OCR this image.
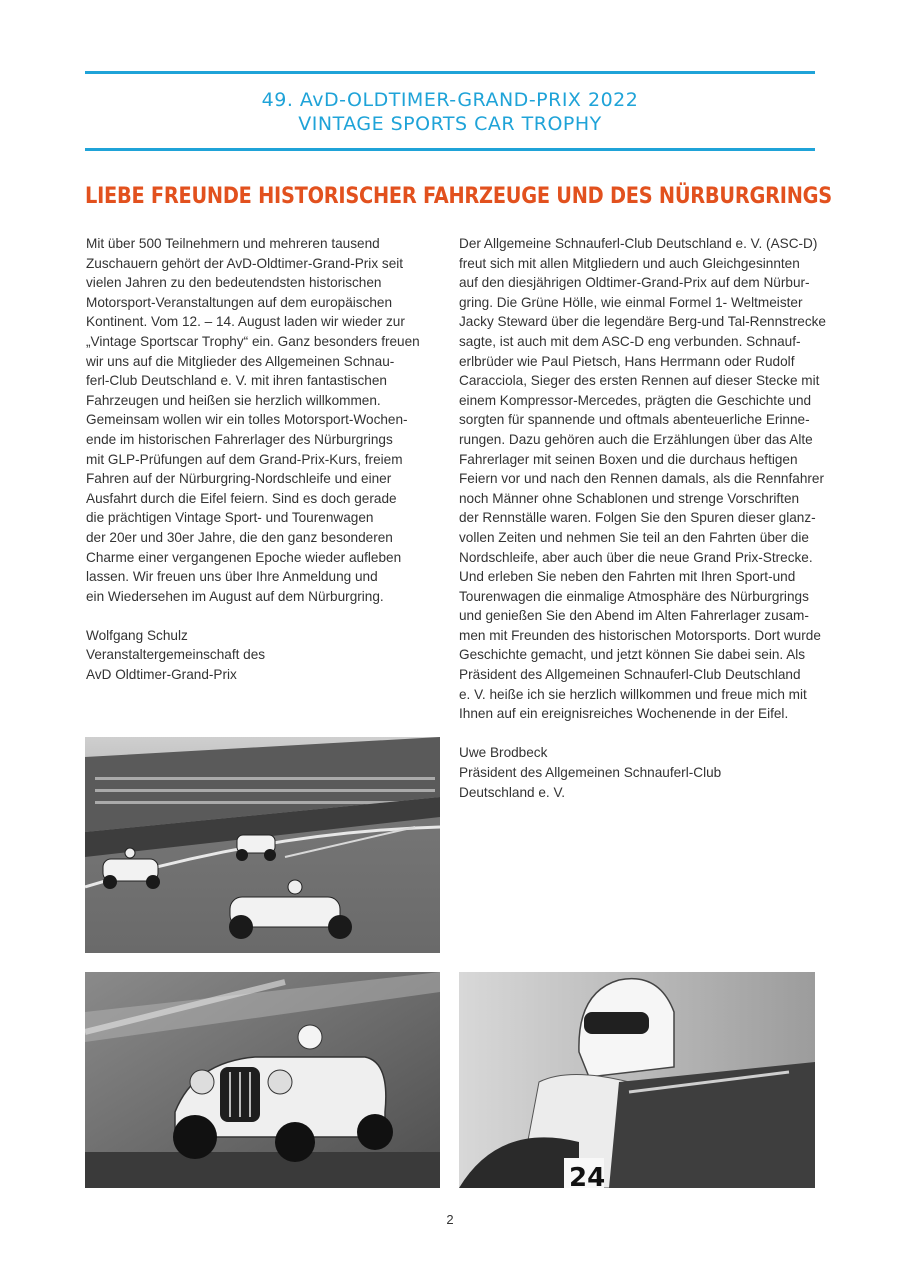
49. AvD-OLDTIMER-GRAND-PRIX 2022
VINTAGE SPORTS CAR TROPHY
LIEBE FREUNDE HISTORISCHER FAHRZEUGE UND DES NÜRBURGRINGS

Mit über 500 Teilnehmern und mehreren tausend
Zuschauern gehört der AvD-Oldtimer-Grand-Prix seit
vielen Jahren zu den bedeutendsten historischen
Motorsport-Veranstaltungen auf dem europäischen
Kontinent. Vom 12. – 14. August laden wir wieder zur
„Vintage Sportscar Trophy“ ein. Ganz besonders freuen
wir uns auf die Mitglieder des Allgemeinen Schnau-
ferl-Club Deutschland e. V. mit ihren fantastischen
Fahrzeugen und heißen sie herzlich willkommen.
Gemeinsam wollen wir ein tolles Motorsport-Wochen-
ende im historischen Fahrerlager des Nürburgrings
mit GLP-Prüfungen auf dem Grand-Prix-Kurs, freiem
Fahren auf der Nürburgring-Nordschleife und einer
Ausfahrt durch die Eifel feiern. Sind es doch gerade
die prächtigen Vintage Sport- und Tourenwagen
der 20er und 30er Jahre, die den ganz besonderen
Charme einer vergangenen Epoche wieder aufleben
lassen. Wir freuen uns über Ihre Anmeldung und
ein Wiedersehen im August auf dem Nürburgring.

Wolfgang Schulz
Veranstaltergemeinschaft des
AvD Oldtimer-Grand-Prix

Der Allgemeine Schnauferl-Club Deutschland e. V. (ASC-D)
freut sich mit allen Mitgliedern und auch Gleichgesinnten
auf den diesjährigen Oldtimer-Grand-Prix auf dem Nürbur-
gring. Die Grüne Hölle, wie einmal Formel 1- Weltmeister
Jacky Steward über die legendäre Berg-und Tal-Rennstrecke
sagte, ist auch mit dem ASC-D eng verbunden. Schnauf-
erlbrüder wie Paul Pietsch, Hans Herrmann oder Rudolf
Caracciola, Sieger des ersten Rennen auf dieser Stecke mit
einem Kompressor-Mercedes, prägten die Geschichte und
sorgten für spannende und oftmals abenteuerliche Erinne-
rungen. Dazu gehören auch die Erzählungen über das Alte
Fahrerlager mit seinen Boxen und die durchaus heftigen
Feiern vor und nach den Rennen damals, als die Rennfahrer
noch Männer ohne Schablonen und strenge Vorschriften
der Rennställe waren. Folgen Sie den Spuren dieser glanz-
vollen Zeiten und nehmen Sie teil an den Fahrten über die
Nordschleife, aber auch über die neue Grand Prix-Strecke.
Und erleben Sie neben den Fahrten mit Ihren Sport-und
Tourenwagen die einmalige Atmosphäre des Nürburgrings
und genießen Sie den Abend im Alten Fahrerlager zusam-
men mit Freunden des historischen Motorsports. Dort wurde
Geschichte gemacht, und jetzt können Sie dabei sein. Als
Präsident des Allgemeinen Schnauferl-Club Deutschland
e. V. heiße ich sie herzlich willkommen und freue mich mit
Ihnen auf ein ereignisreiches Wochenende in der Eifel.

Uwe Brodbeck
Präsident des Allgemeinen Schnauferl-Club
Deutschland e. V.

24
2
